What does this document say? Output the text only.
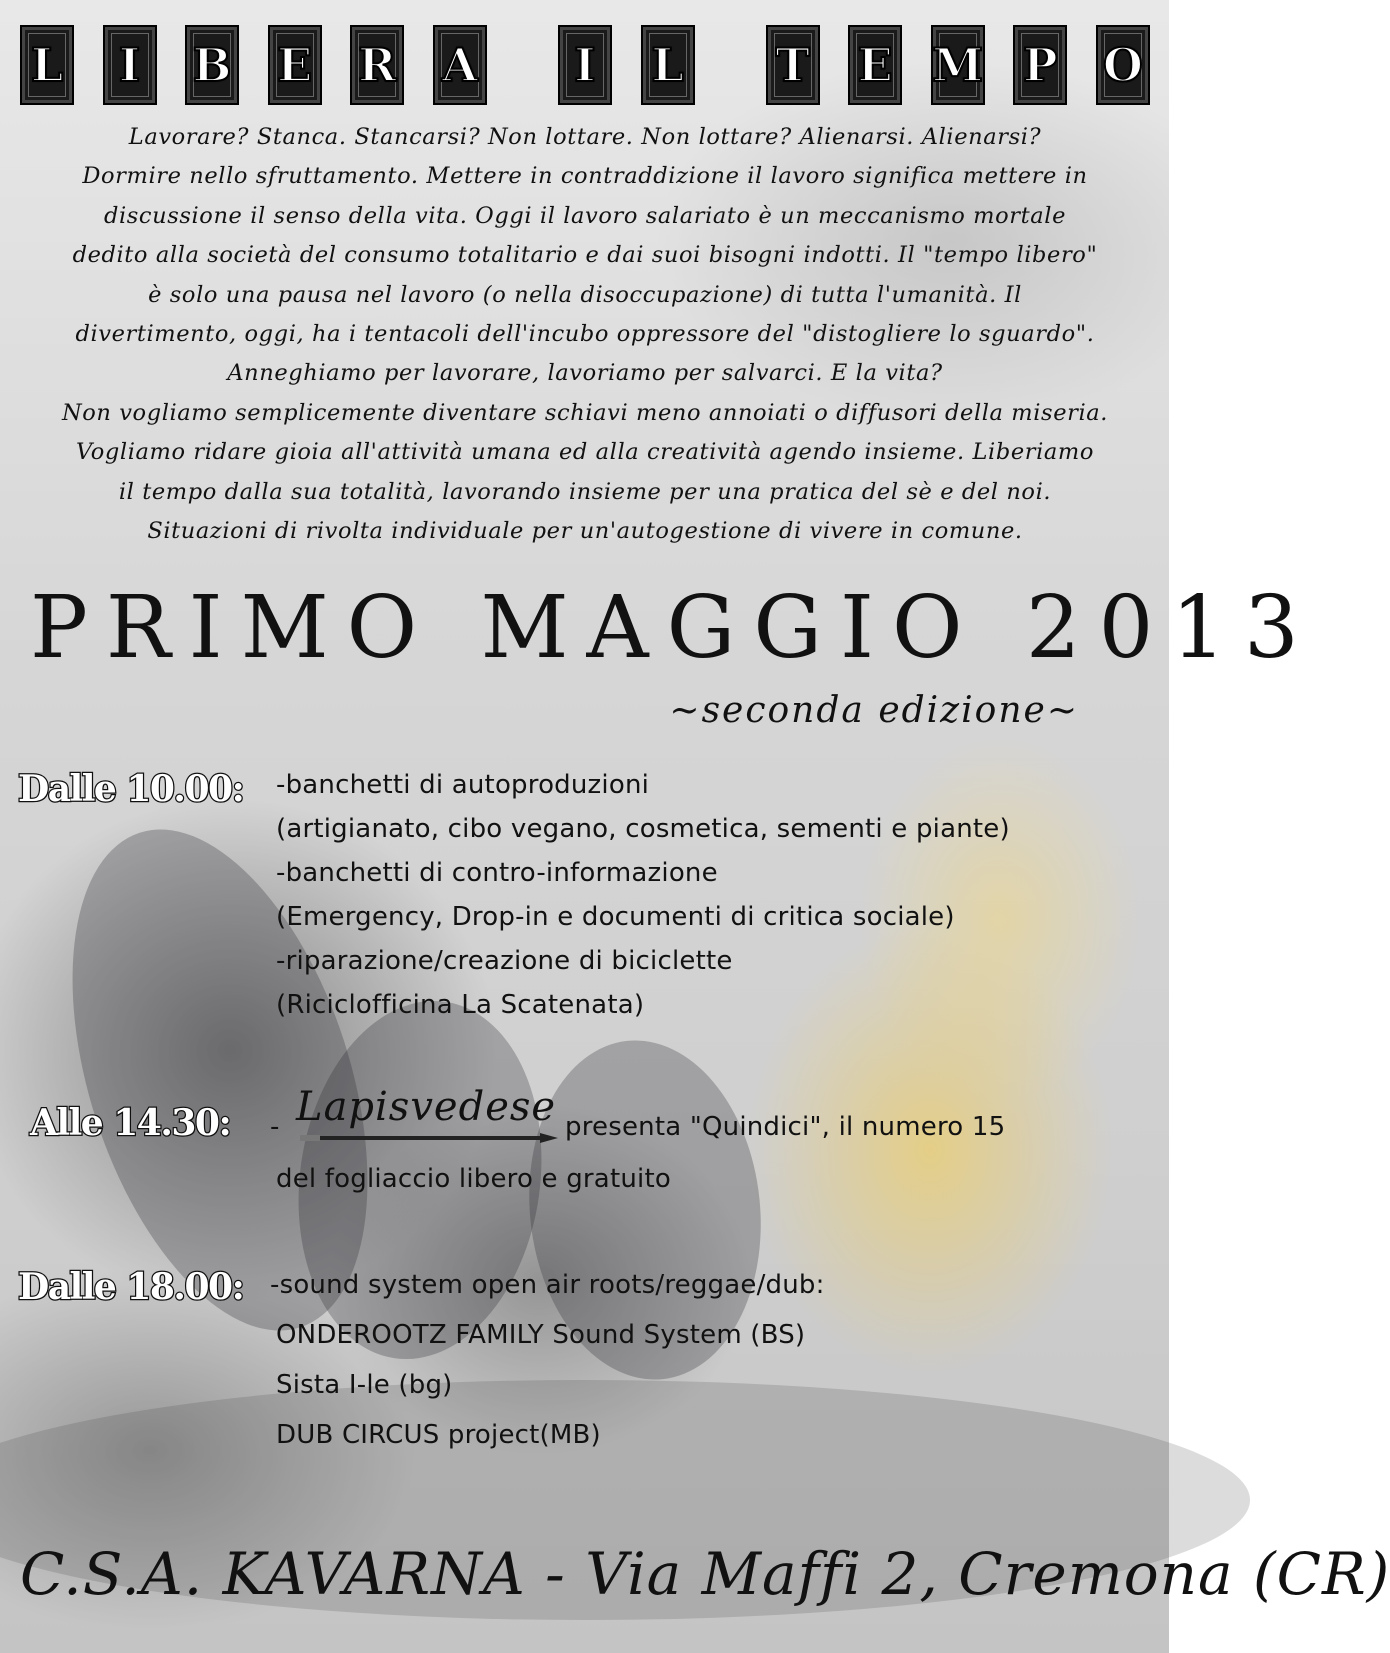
L I B E R A I L T E M P O
Lavorare? Stanca. Stancarsi? Non lottare. Non lottare? Alienarsi. Alienarsi?
Dormire nello sfruttamento. Mettere in contraddizione il lavoro significa mettere in
discussione il senso della vita. Oggi il lavoro salariato è un meccanismo mortale
dedito alla società del consumo totalitario e dai suoi bisogni indotti. Il "tempo libero"
è solo una pausa nel lavoro (o nella disoccupazione) di tutta l'umanità. Il
divertimento, oggi, ha i tentacoli dell'incubo oppressore del "distogliere lo sguardo".
Anneghiamo per lavorare, lavoriamo per salvarci. E la vita?
Non vogliamo semplicemente diventare schiavi meno annoiati o diffusori della miseria.
Vogliamo ridare gioia all'attività umana ed alla creatività agendo insieme. Liberiamo
il tempo dalla sua totalità, lavorando insieme per una pratica del sè e del noi.
Situazioni di rivolta individuale per un'autogestione di vivere in comune.
PRIMO MAGGIO 2013
~seconda edizione~
Dalle 10.00: -banchetti di autoproduzioni
(artigianato, cibo vegano, cosmetica, sementi e piante)
-banchetti di contro-informazione
(Emergency, Drop-in e documenti di critica sociale)
-riparazione/creazione di biciclette
(Riciclofficina La Scatenata)
Alle 14.30: - Lapisvedese presenta "Quindici", il numero 15
del fogliaccio libero e gratuito
Dalle 18.00: -sound system open air roots/reggae/dub:
ONDEROOTZ FAMILY Sound System (BS)
Sista I-le (bg)
DUB CIRCUS project(MB)
C.S.A. KAVARNA - Via Maffi 2, Cremona (CR)
